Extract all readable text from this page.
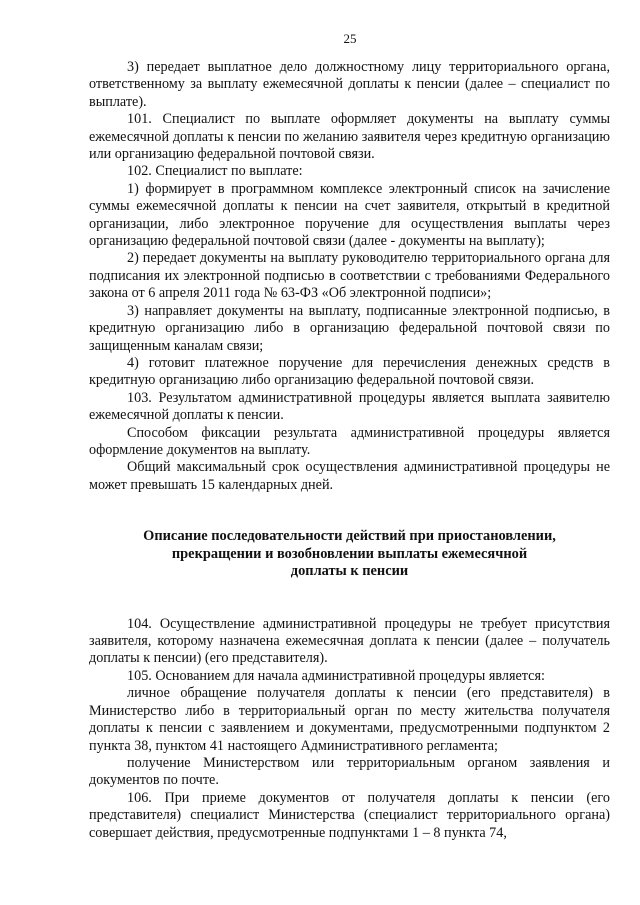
25

3) передает выплатное дело должностному лицу территориального органа, ответственному за выплату ежемесячной доплаты к пенсии (далее – специалист по выплате).

101. Специалист по выплате оформляет документы на выплату суммы ежемесячной доплаты к пенсии по желанию заявителя через кредитную организацию или организацию федеральной почтовой связи.

102. Специалист по выплате:

1) формирует в программном комплексе электронный список на зачисление суммы ежемесячной доплаты к пенсии на счет заявителя, открытый в кредитной организации, либо электронное поручение для осуществления выплаты через организацию федеральной почтовой связи (далее - документы на выплату);

2) передает документы на выплату руководителю территориального органа для подписания их электронной подписью в соответствии с требованиями Федерального закона от 6 апреля 2011 года № 63-ФЗ «Об электронной подписи»;

3) направляет документы на выплату, подписанные электронной подписью, в кредитную организацию либо в организацию федеральной почтовой связи по защищенным каналам связи;

4) готовит платежное поручение для перечисления денежных средств в кредитную организацию либо организацию федеральной почтовой связи.

103. Результатом административной процедуры является выплата заявителю ежемесячной доплаты к пенсии.

Способом фиксации результата административной процедуры является оформление документов на выплату.

Общий максимальный срок осуществления административной процедуры не может превышать 15 календарных дней.

Описание последовательности действий при приостановлении,
прекращении и возобновлении выплаты ежемесячной
доплаты к пенсии

104. Осуществление административной процедуры не требует присутствия заявителя, которому назначена ежемесячная доплата к пенсии (далее – получатель доплаты к пенсии) (его представителя).

105. Основанием для начала административной процедуры является:

личное обращение получателя доплаты к пенсии (его представителя) в Министерство либо в территориальный орган по месту жительства получателя доплаты к пенсии с заявлением и документами, предусмотренными подпунктом 2 пункта 38, пунктом 41 настоящего Административного регламента;

получение Министерством или территориальным органом заявления и документов по почте.

106. При приеме документов от получателя доплаты к пенсии (его представителя) специалист Министерства (специалист территориального органа) совершает действия, предусмотренные подпунктами 1 – 8 пункта 74,
